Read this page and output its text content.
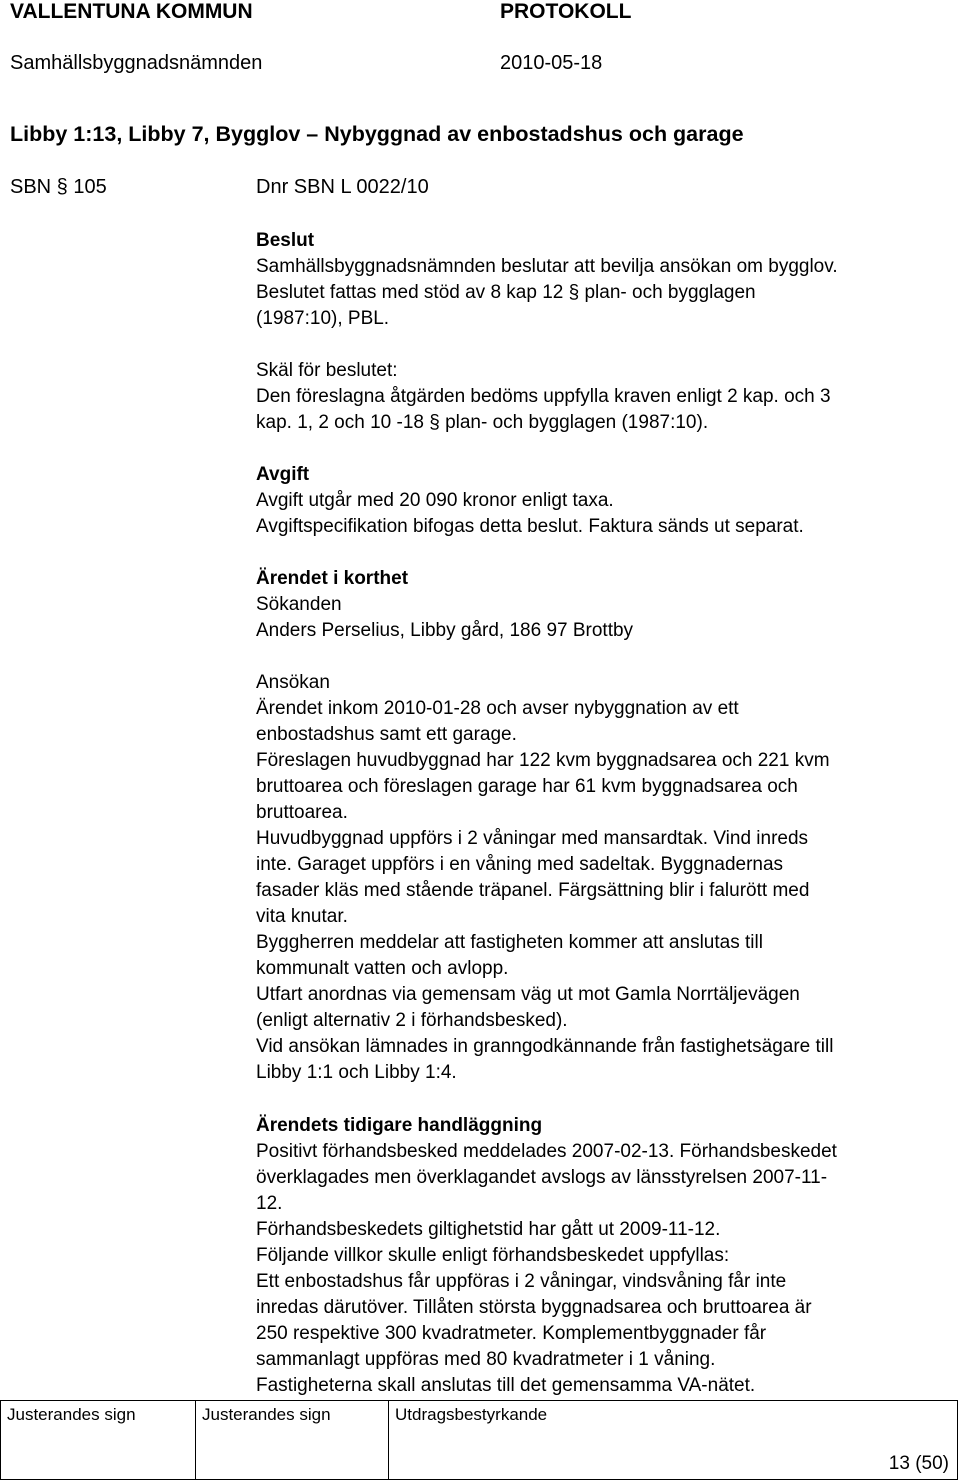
VALLENTUNA KOMMUN	PROTOKOLL
Samhällsbyggnadsnämnden	2010-05-18
Libby 1:13, Libby 7, Bygglov – Nybyggnad av enbostadshus och garage
SBN § 105	Dnr SBN L 0022/10
Beslut
Samhällsbyggnadsnämnden beslutar att bevilja ansökan om bygglov.
Beslutet fattas med stöd av 8 kap 12 § plan- och bygglagen
(1987:10), PBL.
Skäl för beslutet:
Den föreslagna åtgärden bedöms uppfylla kraven enligt 2 kap. och 3
kap. 1, 2 och 10 -18 § plan- och bygglagen (1987:10).
Avgift
Avgift utgår med 20 090 kronor enligt taxa.
Avgiftspecifikation bifogas detta beslut. Faktura sänds ut separat.
Ärendet i korthet
Sökanden
Anders Perselius, Libby gård, 186 97 Brottby
Ansökan
Ärendet inkom 2010-01-28 och avser nybyggnation av ett
enbostadshus samt ett garage.
Föreslagen huvudbyggnad har 122 kvm byggnadsarea och 221 kvm
bruttoarea och föreslagen garage har 61 kvm byggnadsarea och
bruttoarea.
Huvudbyggnad uppförs i 2 våningar med mansardtak. Vind inreds
inte. Garaget uppförs i en våning med sadeltak. Byggnadernas
fasader kläs med stående träpanel. Färgsättning blir i falurött med
vita knutar.
Byggherren meddelar att fastigheten kommer att anslutas till
kommunalt vatten och avlopp.
Utfart anordnas via gemensam väg ut mot Gamla Norrtäljevägen
(enligt alternativ 2 i förhandsbesked).
Vid ansökan lämnades in granngodkännande från fastighetsägare till
Libby 1:1 och Libby 1:4.
Ärendets tidigare handläggning
Positivt förhandsbesked meddelades 2007-02-13. Förhandsbeskedet
överklagades men överklagandet avslogs av länsstyrelsen 2007-11-
12.
Förhandsbeskedets giltighetstid har gått ut 2009-11-12.
Följande villkor skulle enligt förhandsbeskedet uppfyllas:
Ett enbostadshus får uppföras i 2 våningar, vindsvåning får inte
inredas därutöver. Tillåten största byggnadsarea och bruttoarea är
250 respektive 300 kvadratmeter. Komplementbyggnader får
sammanlagt uppföras med 80 kvadratmeter i 1 våning.
Fastigheterna skall anslutas till det gemensamma VA-nätet.
Justerandes sign	Justerandes sign	Utdragsbestyrkande
13 (50)
